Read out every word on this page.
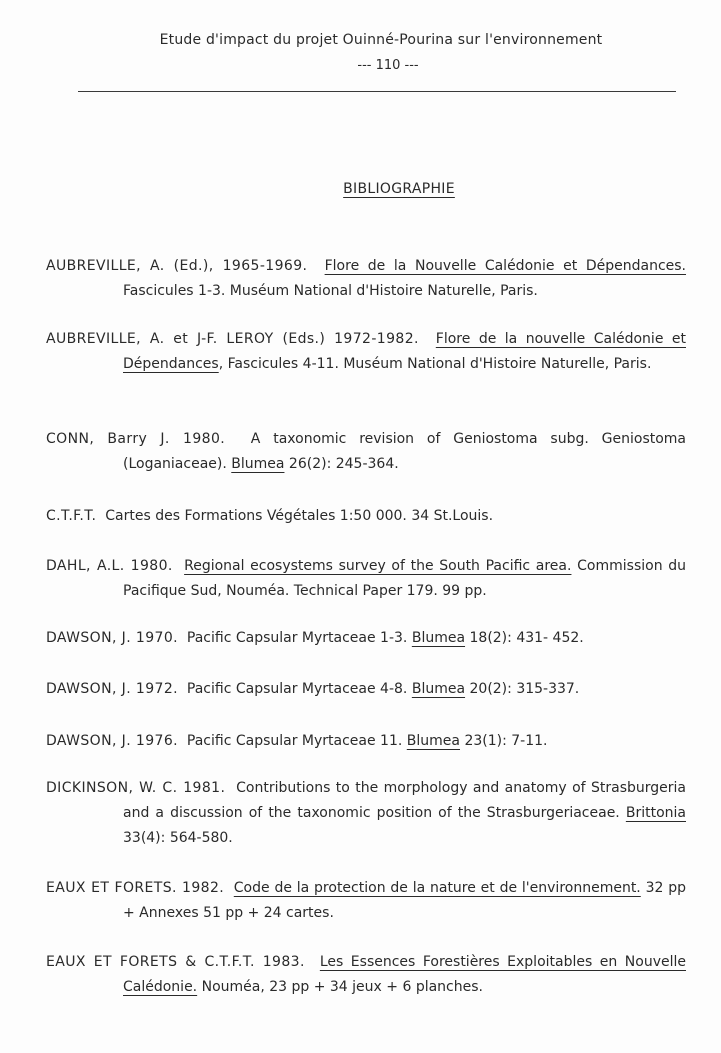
Etude d'impact du projet Ouinné-Pourina sur l'environnement
--- 110 ---
BIBLIOGRAPHIE
AUBREVILLE, A. (Ed.), 1965-1969. Flore de la Nouvelle Calédonie et Dépendances. Fascicules 1-3. Muséum National d'Histoire Naturelle, Paris.
AUBREVILLE, A. et J-F. LEROY (Eds.) 1972-1982. Flore de la nouvelle Calédonie et Dépendances, Fascicules 4-11. Muséum National d'Histoire Naturelle, Paris.
CONN, Barry J. 1980. A taxonomic revision of Geniostoma subg. Geniostoma (Loganiaceae). Blumea 26(2): 245-364.
C.T.F.T. Cartes des Formations Végétales 1:50 000. 34 St.Louis.
DAHL, A.L. 1980. Regional ecosystems survey of the South Pacific area. Commission du Pacifique Sud, Nouméa. Technical Paper 179. 99 pp.
DAWSON, J. 1970. Pacific Capsular Myrtaceae 1-3. Blumea 18(2): 431- 452.
DAWSON, J. 1972. Pacific Capsular Myrtaceae 4-8. Blumea 20(2): 315-337.
DAWSON, J. 1976. Pacific Capsular Myrtaceae 11. Blumea 23(1): 7-11.
DICKINSON, W. C. 1981. Contributions to the morphology and anatomy of Strasburgeria and a discussion of the taxonomic position of the Strasburgeriaceae. Brittonia 33(4): 564-580.
EAUX ET FORETS. 1982. Code de la protection de la nature et de l'environnement. 32 pp + Annexes 51 pp + 24 cartes.
EAUX ET FORETS & C.T.F.T. 1983. Les Essences Forestières Exploitables en Nouvelle Calédonie. Nouméa, 23 pp + 34 jeux + 6 planches.
